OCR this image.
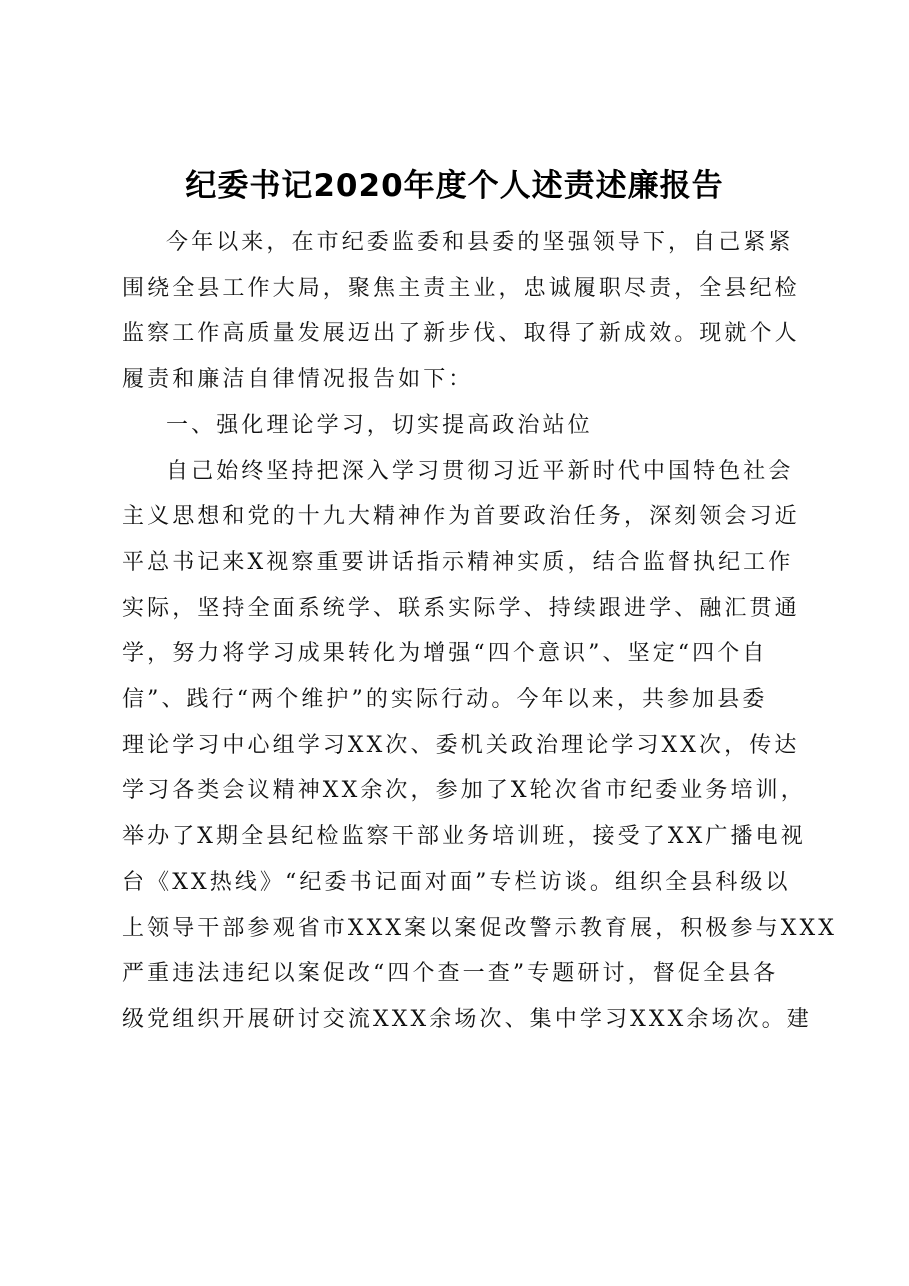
纪委书记2020年度个人述责述廉报告

今年以来，在市纪委监委和县委的坚强领导下，自己紧紧
围绕全县工作大局，聚焦主责主业，忠诚履职尽责，全县纪检
监察工作高质量发展迈出了新步伐、取得了新成效。现就个人
履责和廉洁自律情况报告如下：

一、强化理论学习，切实提高政治站位

自己始终坚持把深入学习贯彻习近平新时代中国特色社会
主义思想和党的十九大精神作为首要政治任务，深刻领会习近
平总书记来X视察重要讲话指示精神实质，结合监督执纪工作
实际，坚持全面系统学、联系实际学、持续跟进学、融汇贯通
学，努力将学习成果转化为增强“四个意识”、坚定“四个自
信”、践行“两个维护”的实际行动。今年以来，共参加县委
理论学习中心组学习XX次、委机关政治理论学习XX次，传达
学习各类会议精神XX余次，参加了X轮次省市纪委业务培训，
举办了X期全县纪检监察干部业务培训班，接受了XX广播电视
台《XX热线》“纪委书记面对面”专栏访谈。组织全县科级以
上领导干部参观省市XXX案以案促改警示教育展，积极参与XXX
严重违法违纪以案促改“四个查一查”专题研讨，督促全县各
级党组织开展研讨交流XXX余场次、集中学习XXX余场次。建
